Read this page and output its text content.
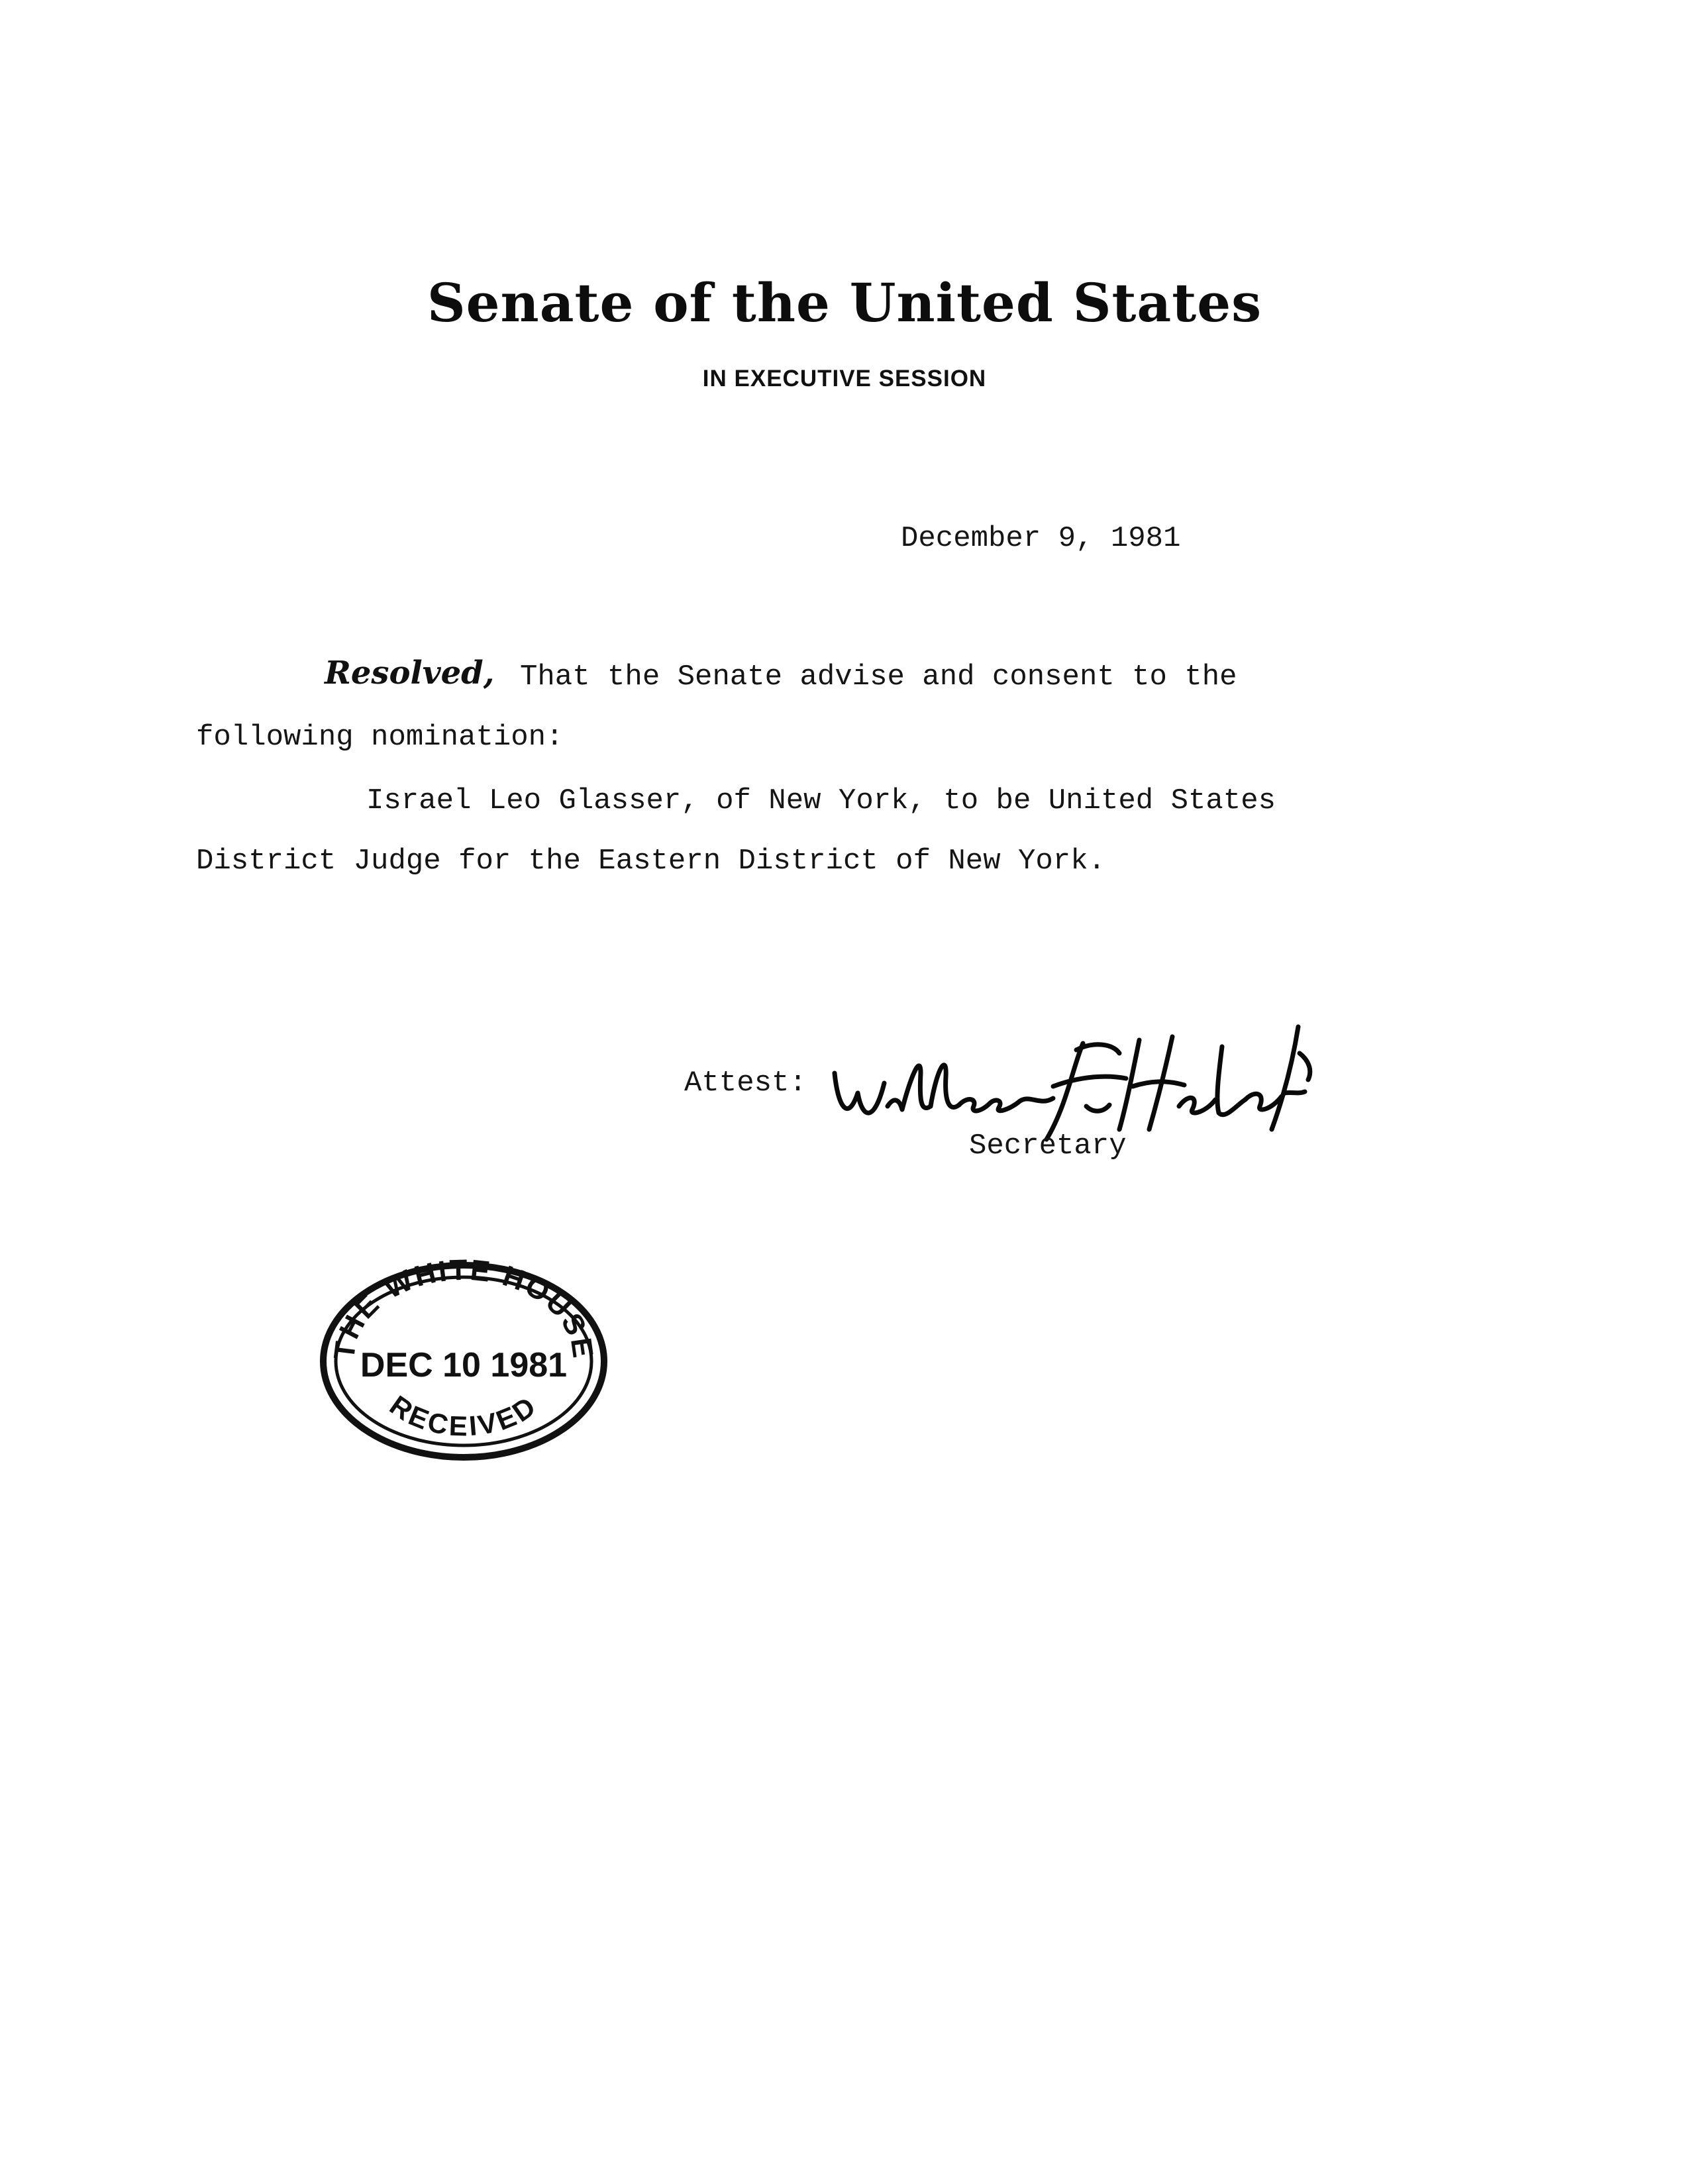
Senate of the United States
IN EXECUTIVE SESSION
December 9, 1981
Resolved, That the Senate advise and consent to the
following nomination:
Israel Leo Glasser, of New York, to be United States
District Judge for the Eastern District of New York.
Attest:
Secretary
THE WHITE HOUSE
DEC 10 1981
RECEIVED
